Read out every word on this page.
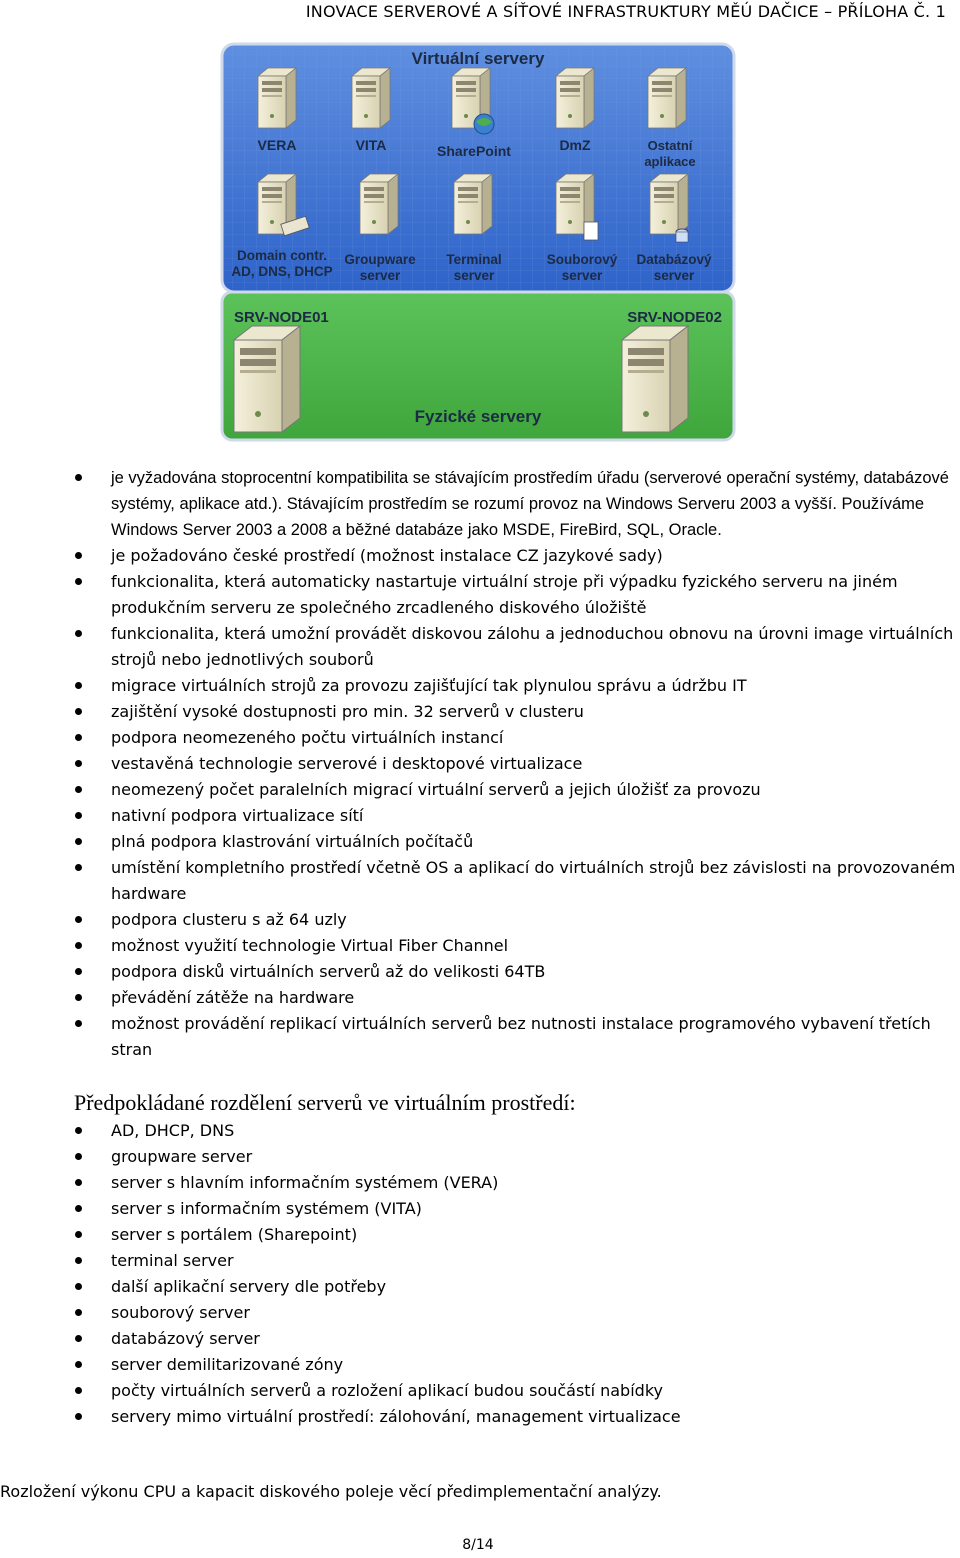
INOVACE SERVEROVÉ A SÍŤOVÉ INFRASTRUKTURY MĚÚ DAČICE – PŘÍLOHA Č. 1
Virtuální servery
VERA	VITA	SharePoint	DmZ	Ostatní
aplikace
Domain contr.
AD, DNS, DHCP
Groupware
server
Terminal
server
Souborový
server
Databázový
server
SRV-NODE01	SRV-NODE02
Fyzické servery
je vyžadována stoprocentní kompatibilita se stávajícím prostředím úřadu (serverové operační systémy, databázové systémy, aplikace atd.). Stávajícím prostředím se rozumí provoz na Windows Serveru 2003 a vyšší. Používáme Windows Server 2003 a 2008 a běžné databáze jako MSDE, FireBird, SQL, Oracle.
je požadováno české prostředí (možnost instalace CZ jazykové sady)
funkcionalita, která automaticky nastartuje virtuální stroje při výpadku fyzického serveru na jiném produkčním serveru ze společného zrcadleného diskového úložiště
funkcionalita, která umožní provádět diskovou zálohu a jednoduchou obnovu na úrovni image virtuálních strojů nebo jednotlivých souborů
migrace virtuálních strojů za provozu zajišťující tak plynulou správu a údržbu IT
zajištění vysoké dostupnosti pro min. 32 serverů v clusteru
podpora neomezeného počtu virtuálních instancí
vestavěná technologie serverové i desktopové virtualizace
neomezený počet paralelních migrací virtuální serverů a jejich úložišť za provozu
nativní podpora virtualizace sítí
plná podpora klastrování virtuálních počítačů
umístění kompletního prostředí včetně OS a aplikací do virtuálních strojů bez závislosti na provozovaném hardware
podpora clusteru s až 64 uzly
možnost využití technologie Virtual Fiber Channel
podpora disků virtuálních serverů až do velikosti 64TB
převádění zátěže na hardware
možnost provádění replikací virtuálních serverů bez nutnosti instalace programového vybavení třetích stran
Předpokládané rozdělení serverů ve virtuálním prostředí:
AD, DHCP, DNS
groupware server
server s hlavním informačním systémem (VERA)
server s informačním systémem (VITA)
server s portálem (Sharepoint)
terminal server
další aplikační servery dle potřeby
souborový server
databázový server
server demilitarizované zóny
počty virtuálních serverů a rozložení aplikací budou součástí nabídky
servery mimo virtuální prostředí: zálohování, management virtualizace
Rozložení výkonu CPU a kapacit diskového poleje věcí předimplementační analýzy.
8/14
